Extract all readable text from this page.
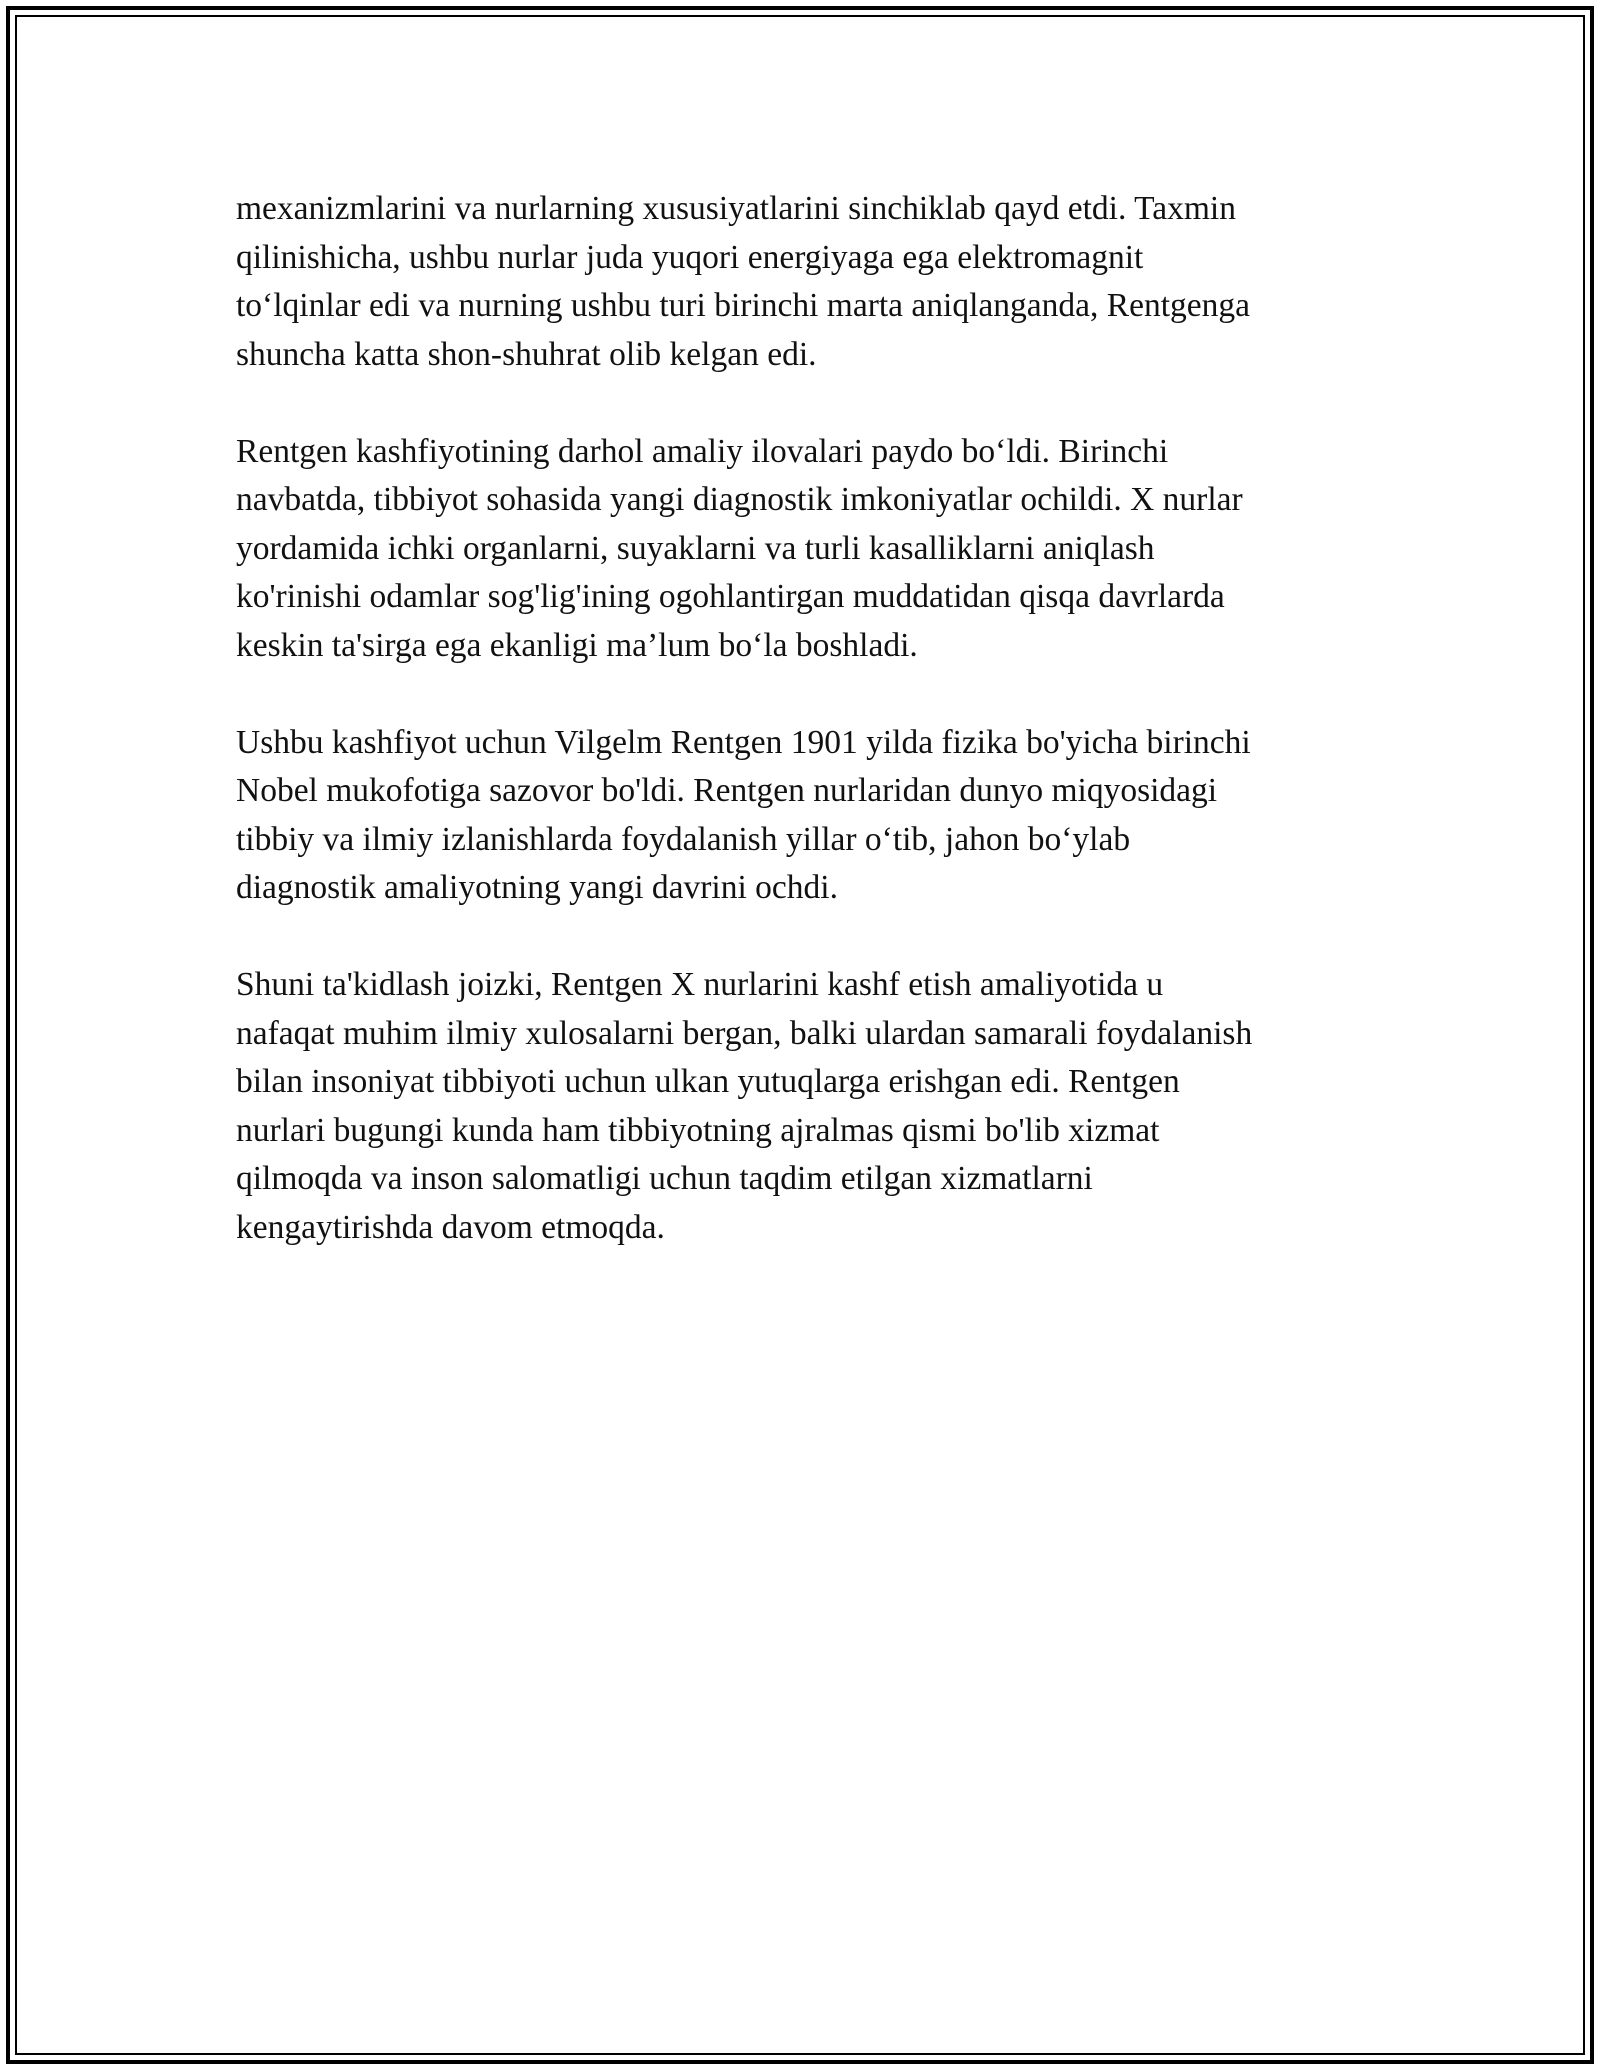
mexanizmlarini va nurlarning xususiyatlarini sinchiklab qayd etdi. Taxmin
qilinishicha, ushbu nurlar juda yuqori energiyaga ega elektromagnit
to‘lqinlar edi va nurning ushbu turi birinchi marta aniqlanganda, Rentgenga
shuncha katta shon-shuhrat olib kelgan edi.

Rentgen kashfiyotining darhol amaliy ilovalari paydo bo‘ldi. Birinchi
navbatda, tibbiyot sohasida yangi diagnostik imkoniyatlar ochildi. X nurlar
yordamida ichki organlarni, suyaklarni va turli kasalliklarni aniqlash
ko'rinishi odamlar sog'lig'ining ogohlantirgan muddatidan qisqa davrlarda
keskin ta'sirga ega ekanligi ma’lum bo‘la boshladi.

Ushbu kashfiyot uchun Vilgelm Rentgen 1901 yilda fizika bo'yicha birinchi
Nobel mukofotiga sazovor bo'ldi. Rentgen nurlaridan dunyo miqyosidagi
tibbiy va ilmiy izlanishlarda foydalanish yillar o‘tib, jahon bo‘ylab
diagnostik amaliyotning yangi davrini ochdi.

Shuni ta'kidlash joizki, Rentgen X nurlarini kashf etish amaliyotida u
nafaqat muhim ilmiy xulosalarni bergan, balki ulardan samarali foydalanish
bilan insoniyat tibbiyoti uchun ulkan yutuqlarga erishgan edi. Rentgen
nurlari bugungi kunda ham tibbiyotning ajralmas qismi bo'lib xizmat
qilmoqda va inson salomatligi uchun taqdim etilgan xizmatlarni
kengaytirishda davom etmoqda.
